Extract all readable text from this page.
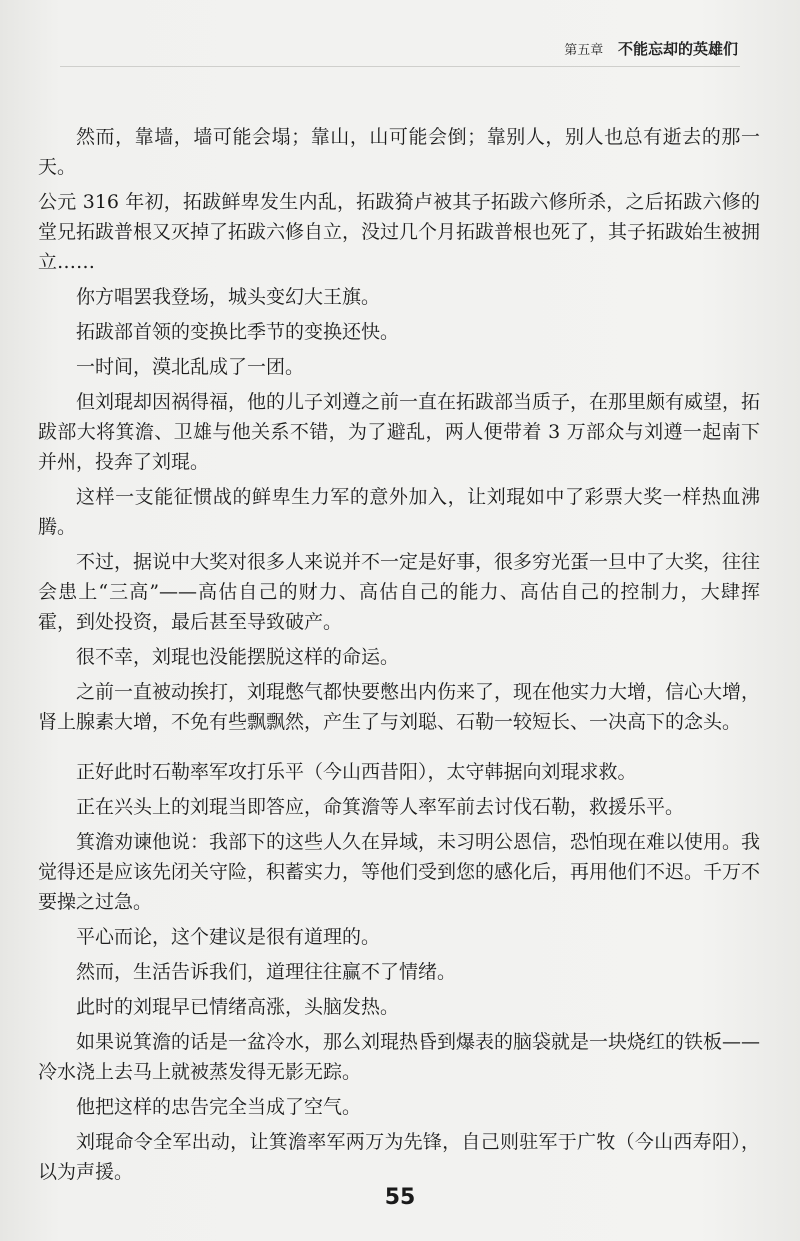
第五章 不能忘却的英雄们

然而，靠墙，墙可能会塌；靠山，山可能会倒；靠别人，别人也总有逝去的那一天。

公元 316 年初，拓跋鲜卑发生内乱，拓跋猗卢被其子拓跋六修所杀，之后拓跋六修的堂兄拓跋普根又灭掉了拓跋六修自立，没过几个月拓跋普根也死了，其子拓跋始生被拥立……

你方唱罢我登场，城头变幻大王旗。

拓跋部首领的变换比季节的变换还快。

一时间，漠北乱成了一团。

但刘琨却因祸得福，他的儿子刘遵之前一直在拓跋部当质子，在那里颇有威望，拓跋部大将箕澹、卫雄与他关系不错，为了避乱，两人便带着 3 万部众与刘遵一起南下并州，投奔了刘琨。

这样一支能征惯战的鲜卑生力军的意外加入，让刘琨如中了彩票大奖一样热血沸腾。

不过，据说中大奖对很多人来说并不一定是好事，很多穷光蛋一旦中了大奖，往往会患上“三高”——高估自己的财力、高估自己的能力、高估自己的控制力，大肆挥霍，到处投资，最后甚至导致破产。

很不幸，刘琨也没能摆脱这样的命运。

之前一直被动挨打，刘琨憋气都快要憋出内伤来了，现在他实力大增，信心大增，肾上腺素大增，不免有些飘飘然，产生了与刘聪、石勒一较短长、一决高下的念头。

正好此时石勒率军攻打乐平（今山西昔阳），太守韩据向刘琨求救。

正在兴头上的刘琨当即答应，命箕澹等人率军前去讨伐石勒，救援乐平。

箕澹劝谏他说：我部下的这些人久在异域，未习明公恩信，恐怕现在难以使用。我觉得还是应该先闭关守险，积蓄实力，等他们受到您的感化后，再用他们不迟。千万不要操之过急。

平心而论，这个建议是很有道理的。

然而，生活告诉我们，道理往往赢不了情绪。

此时的刘琨早已情绪高涨，头脑发热。

如果说箕澹的话是一盆冷水，那么刘琨热昏到爆表的脑袋就是一块烧红的铁板——冷水浇上去马上就被蒸发得无影无踪。

他把这样的忠告完全当成了空气。

刘琨命令全军出动，让箕澹率军两万为先锋，自己则驻军于广牧（今山西寿阳），以为声援。

55
